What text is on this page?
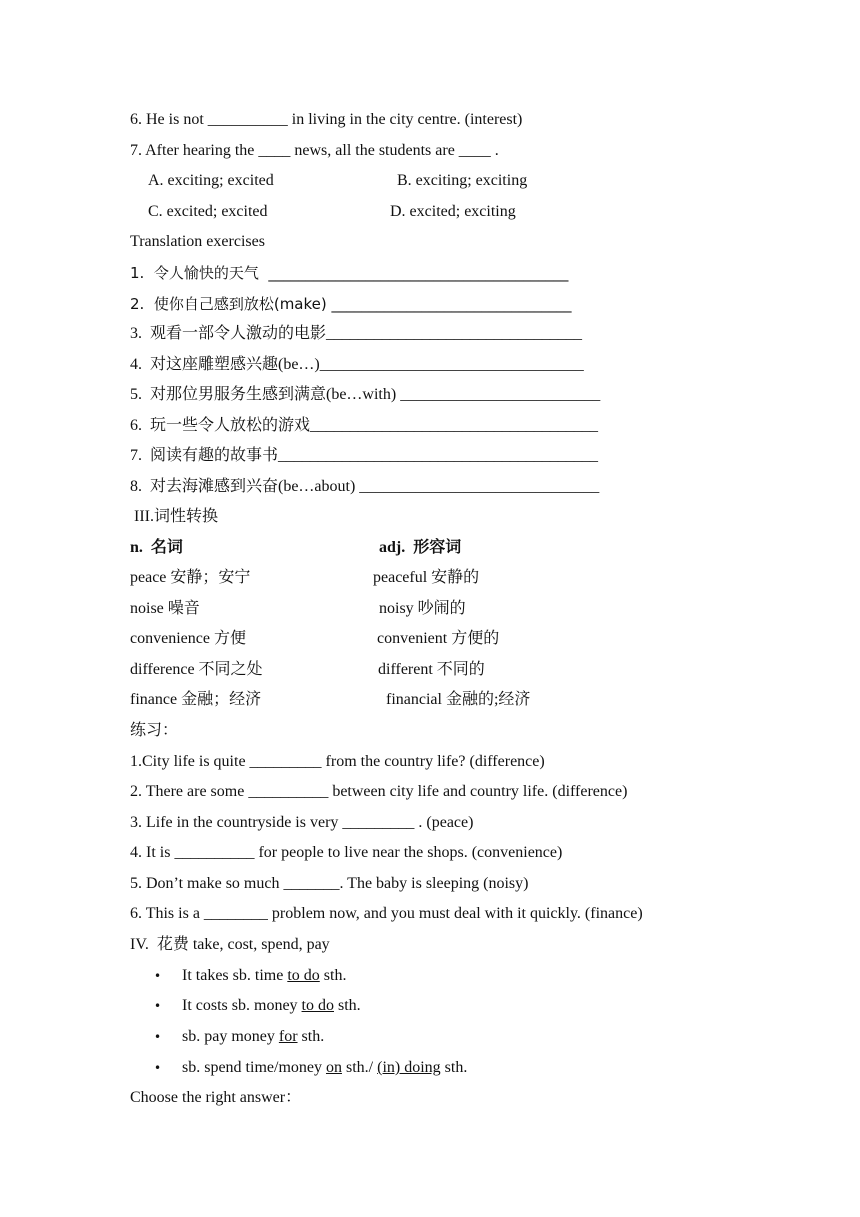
6. He is not __________ in living in the city centre. (interest)
7. After hearing the ____ news, all the students are ____ .
A. exciting; excited	B. exciting; exciting
C. excited; excited	D. excited; exciting
Translation exercises
1.  令人愉快的天气  ________________________________________
2.  使你自己感到放松(make) ________________________________
3.  观看一部令人激动的电影________________________________
4.  对这座雕塑感兴趣(be…)_________________________________
5.  对那位男服务生感到满意(be…with) _________________________
6.  玩一些令人放松的游戏____________________________________
7.  阅读有趣的故事书________________________________________
8.  对去海滩感到兴奋(be…about) ______________________________
III.词性转换
n.  名词	adj.  形容词
peace 安静；安宁	peaceful 安静的
noise 噪音	noisy 吵闹的
convenience 方便	convenient 方便的
difference 不同之处	different 不同的
finance 金融；经济	financial 金融的;经济
练习：
1.City life is quite _________ from the country life? (difference)
2. There are some __________ between city life and country life. (difference)
3. Life in the countryside is very _________ . (peace)
4. It is __________ for people to live near the shops. (convenience)
5. Don’t make so much _______. The baby is sleeping (noisy)
6. This is a ________ problem now, and you must deal with it quickly. (finance)
IV.  花费 take, cost, spend, pay
• It takes sb. time to do sth.
• It costs sb. money to do sth.
• sb. pay money for sth.
• sb. spend time/money on sth./ (in) doing sth.
Choose the right answer：
